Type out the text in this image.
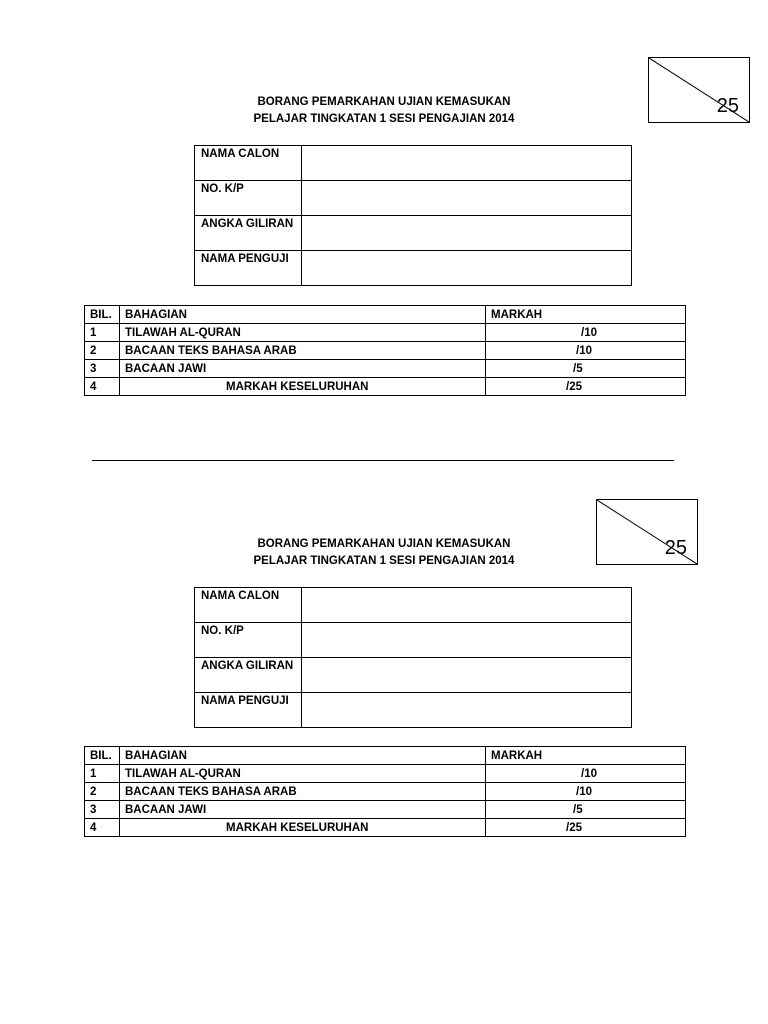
25
BORANG PEMARKAHAN UJIAN KEMASUKAN
PELAJAR TINGKATAN 1 SESI PENGAJIAN 2014
NAMA CALON	
NO. K/P	
ANGKA GILIRAN	
NAMA PENGUJI	
BIL.	BAHAGIAN	MARKAH
1	TILAWAH AL-QURAN	/10
2	BACAAN TEKS BAHASA ARAB	/10
3	BACAAN JAWI	/5
4	MARKAH KESELURUHAN	/25
25
BORANG PEMARKAHAN UJIAN KEMASUKAN
PELAJAR TINGKATAN 1 SESI PENGAJIAN 2014
NAMA CALON	
NO. K/P	
ANGKA GILIRAN	
NAMA PENGUJI	
BIL.	BAHAGIAN	MARKAH
1	TILAWAH AL-QURAN	/10
2	BACAAN TEKS BAHASA ARAB	/10
3	BACAAN JAWI	/5
4	MARKAH KESELURUHAN	/25
